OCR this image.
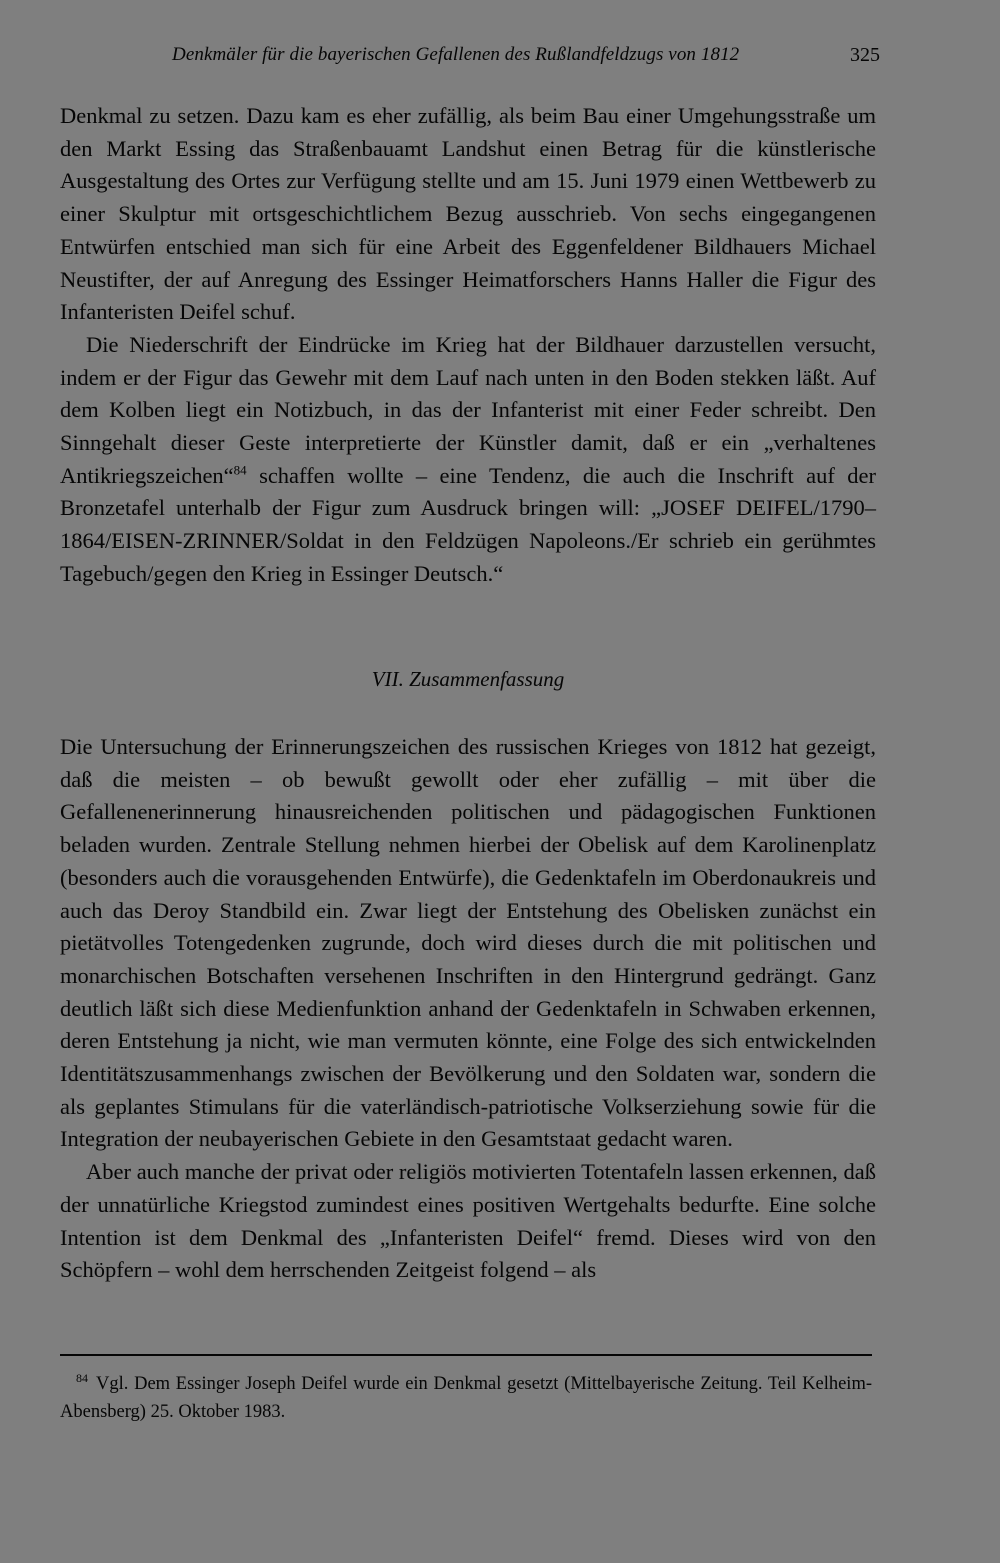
Denkmäler für die bayerischen Gefallenen des Rußlandfeldzugs von 1812	325

Denkmal zu setzen. Dazu kam es eher zufällig, als beim Bau einer Umgehungsstraße um den Markt Essing das Straßenbauamt Landshut einen Betrag für die künstlerische Ausgestaltung des Ortes zur Verfügung stellte und am 15. Juni 1979 einen Wettbewerb zu einer Skulptur mit ortsgeschichtlichem Bezug ausschrieb. Von sechs eingegangenen Entwürfen entschied man sich für eine Arbeit des Eggenfeldener Bildhauers Michael Neustifter, der auf Anregung des Essinger Heimatforschers Hanns Haller die Figur des Infanteristen Deifel schuf.

Die Niederschrift der Eindrücke im Krieg hat der Bildhauer darzustellen versucht, indem er der Figur das Gewehr mit dem Lauf nach unten in den Boden stekken läßt. Auf dem Kolben liegt ein Notizbuch, in das der Infanterist mit einer Feder schreibt. Den Sinngehalt dieser Geste interpretierte der Künstler damit, daß er ein „verhaltenes Antikriegszeichen“$^{84}$ schaffen wollte – eine Tendenz, die auch die Inschrift auf der Bronzetafel unterhalb der Figur zum Ausdruck bringen will: „JOSEF DEIFEL/1790–1864/EISEN-ZRINNER/Soldat in den Feldzügen Napoleons./Er schrieb ein gerühmtes Tagebuch/gegen den Krieg in Essinger Deutsch.“

VII. Zusammenfassung

Die Untersuchung der Erinnerungszeichen des russischen Krieges von 1812 hat gezeigt, daß die meisten – ob bewußt gewollt oder eher zufällig – mit über die Gefallenenerinnerung hinausreichenden politischen und pädagogischen Funktionen beladen wurden. Zentrale Stellung nehmen hierbei der Obelisk auf dem Karolinenplatz (besonders auch die vorausgehenden Entwürfe), die Gedenktafeln im Oberdonaukreis und auch das Deroy Standbild ein. Zwar liegt der Entstehung des Obelisken zunächst ein pietätvolles Totengedenken zugrunde, doch wird dieses durch die mit politischen und monarchischen Botschaften versehenen Inschriften in den Hintergrund gedrängt. Ganz deutlich läßt sich diese Medienfunktion anhand der Gedenktafeln in Schwaben erkennen, deren Entstehung ja nicht, wie man vermuten könnte, eine Folge des sich entwickelnden Identitätszusammenhangs zwischen der Bevölkerung und den Soldaten war, sondern die als geplantes Stimulans für die vaterländisch-patriotische Volkserziehung sowie für die Integration der neubayerischen Gebiete in den Gesamtstaat gedacht waren.

Aber auch manche der privat oder religiös motivierten Totentafeln lassen erkennen, daß der unnatürliche Kriegstod zumindest eines positiven Wertgehalts bedurfte. Eine solche Intention ist dem Denkmal des „Infanteristen Deifel“ fremd. Dieses wird von den Schöpfern – wohl dem herrschenden Zeitgeist folgend – als

$^{84}$ Vgl. Dem Essinger Joseph Deifel wurde ein Denkmal gesetzt (Mittelbayerische Zeitung. Teil Kelheim-Abensberg) 25. Oktober 1983.
